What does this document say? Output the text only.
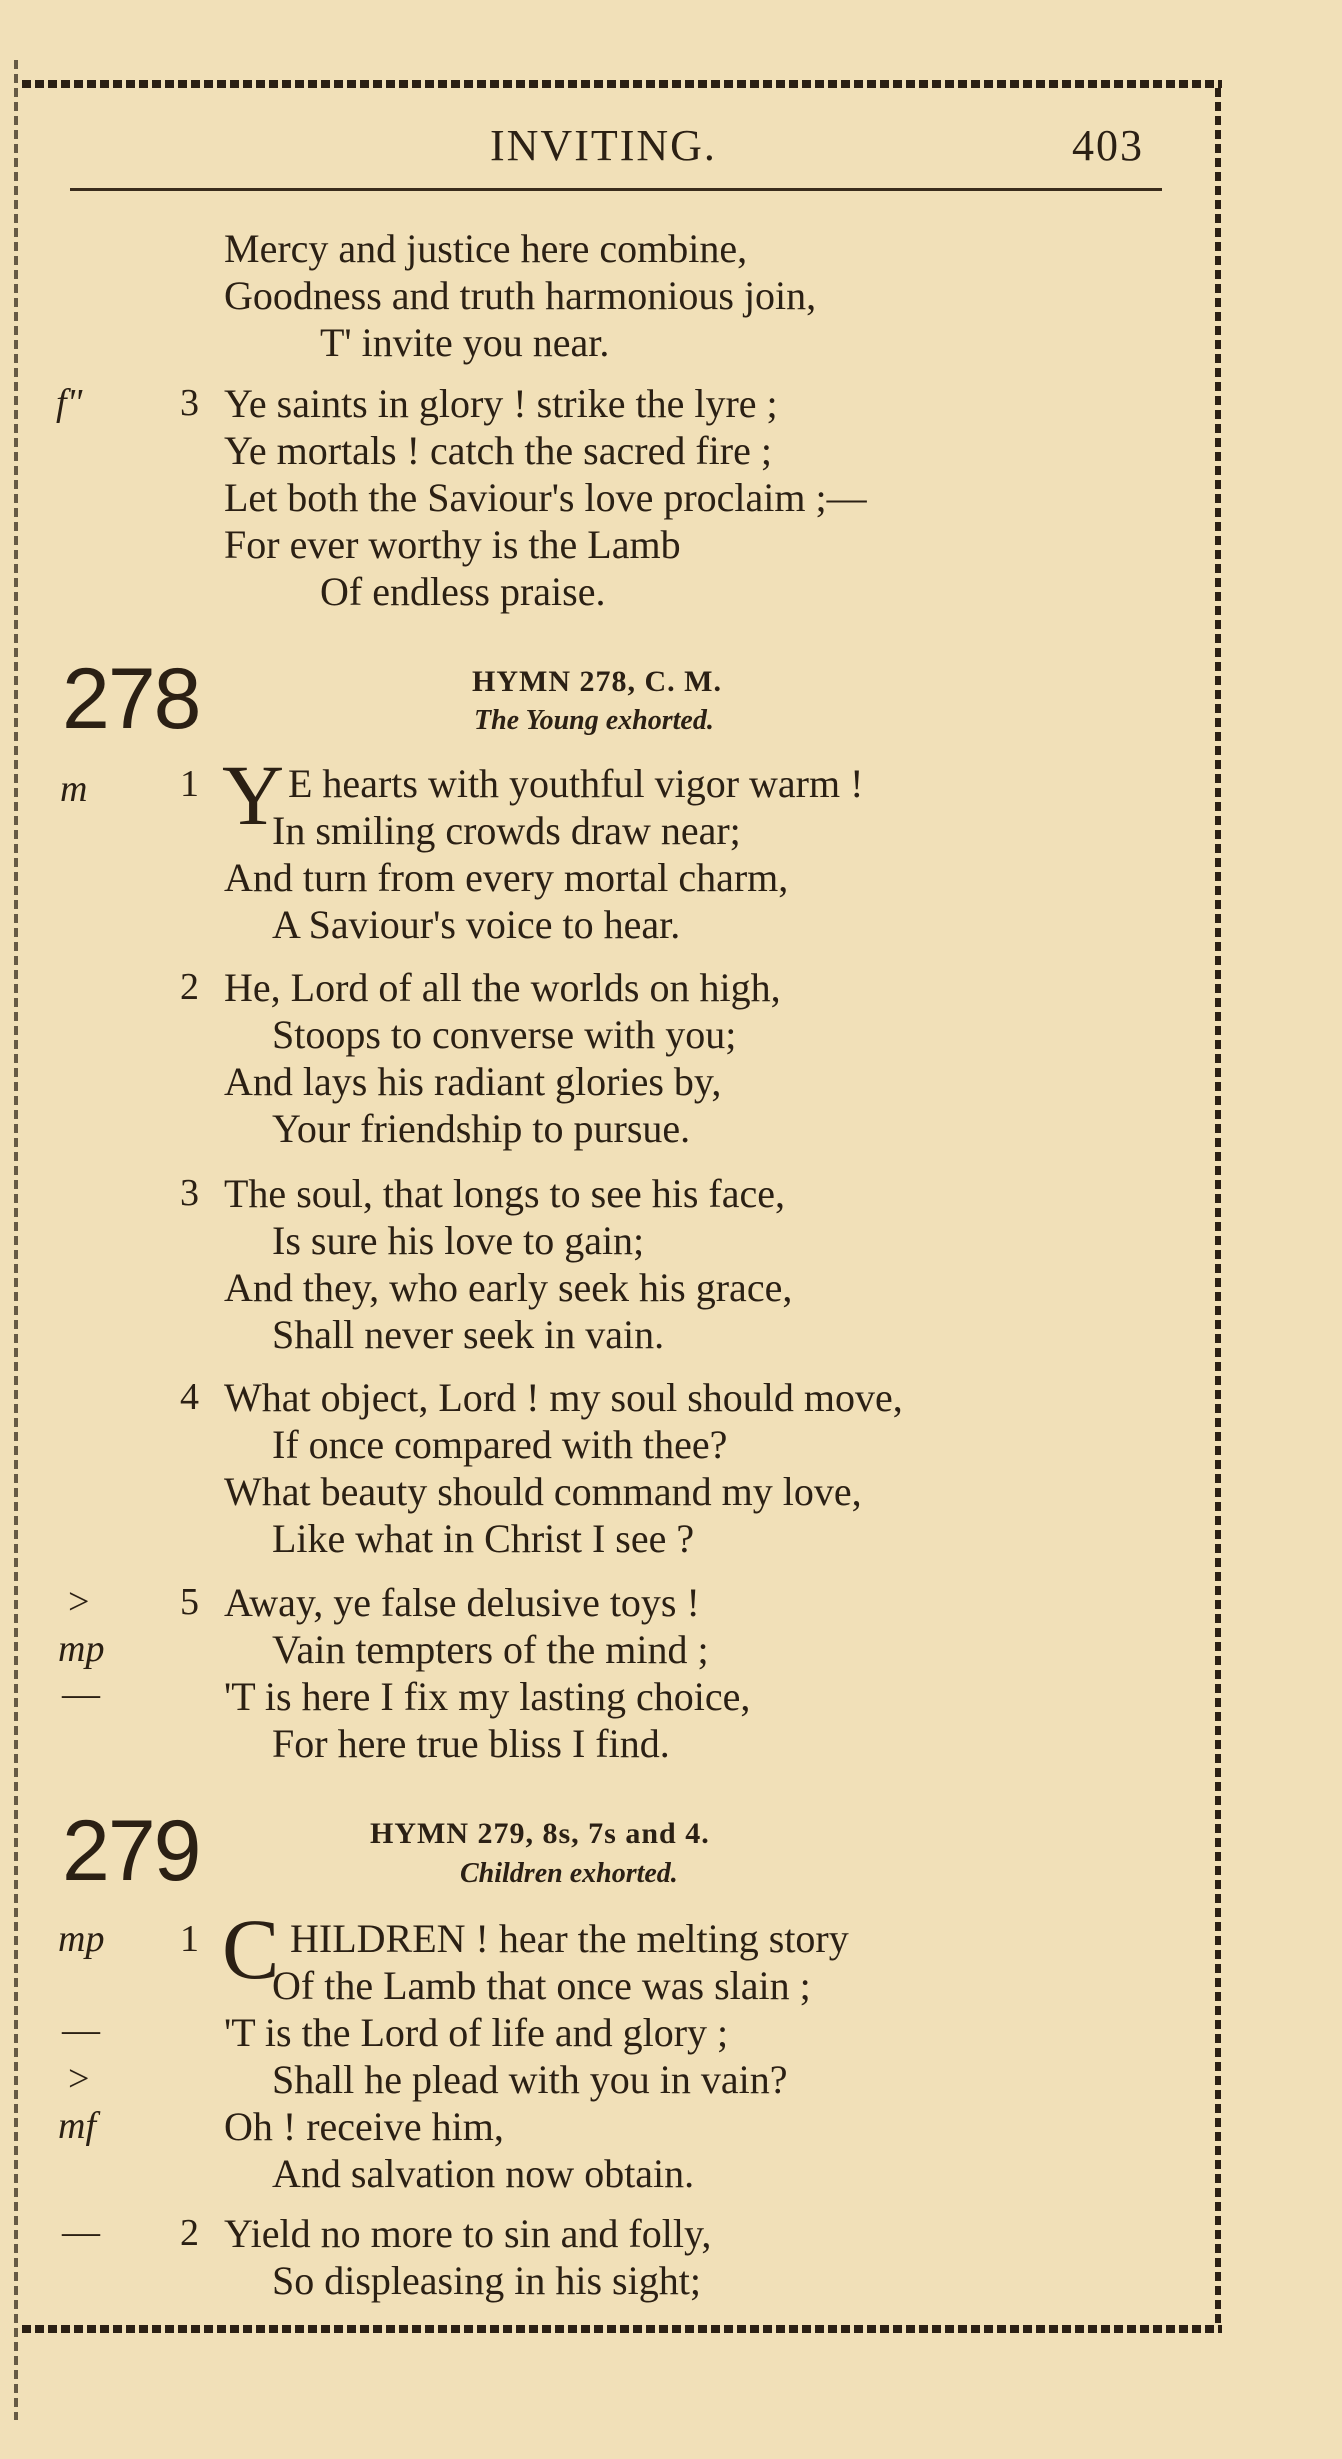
INVITING.	403
Mercy and justice here combine,
Goodness and truth harmonious join,
T' invite you near.
f"	3 Ye saints in glory ! strike the lyre ;
Ye mortals ! catch the sacred fire ;
Let both the Saviour's love proclaim ;—
For ever worthy is the Lamb
Of endless praise.
278	HYMN 278, C. M.
The Young exhorted.
m 1 Y E hearts with youthful vigor warm !
In smiling crowds draw near;
And turn from every mortal charm,
A Saviour's voice to hear.
2 He, Lord of all the worlds on high,
Stoops to converse with you;
And lays his radiant glories by,
Your friendship to pursue.
3 The soul, that longs to see his face,
Is sure his love to gain;
And they, who early seek his grace,
Shall never seek in vain.
4 What object, Lord ! my soul should move,
If once compared with thee?
What beauty should command my love,
Like what in Christ I see ?
> 5 Away, ye false delusive toys !
mp	Vain tempters of the mind ;
—	'T is here I fix my lasting choice,
For here true bliss I find.
279	HYMN 279, 8s, 7s and 4.
Children exhorted.
mp 1 C HILDREN ! hear the melting story
Of the Lamb that once was slain ;
—	'T is the Lord of life and glory ;
>	Shall he plead with you in vain?
mf	Oh ! receive him,
And salvation now obtain.
— 2 Yield no more to sin and folly,
So displeasing in his sight;
